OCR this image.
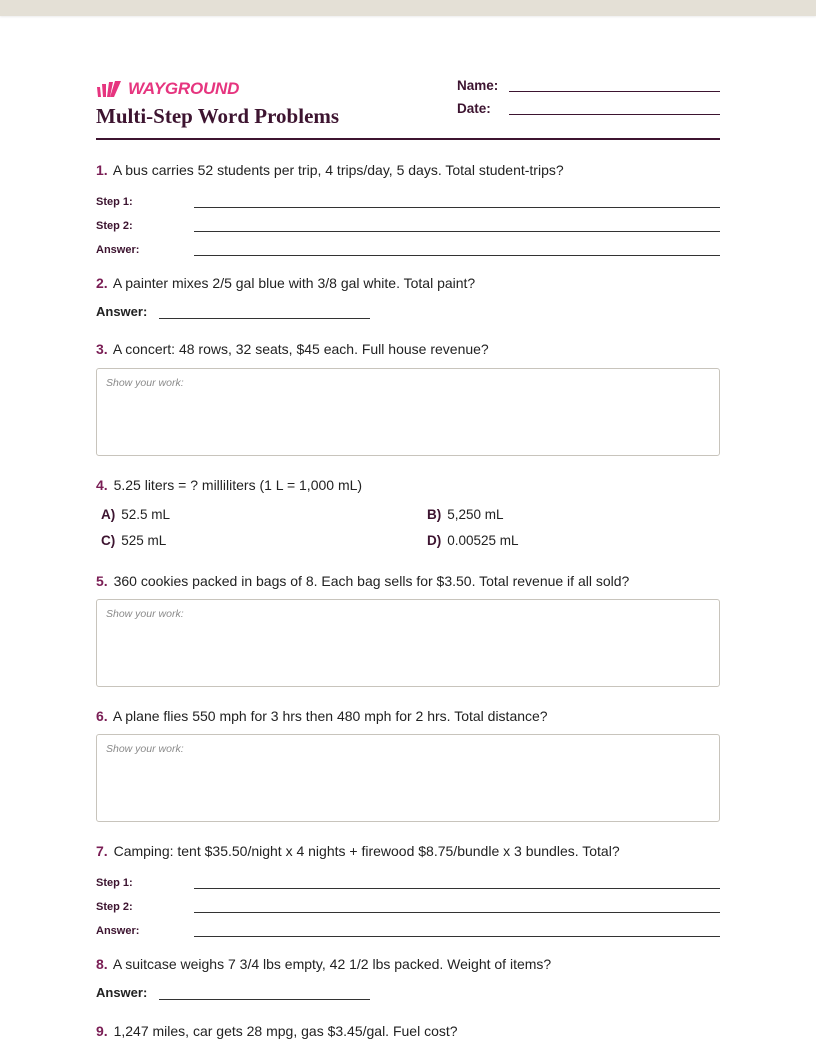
WAYGROUND
Multi-Step Word Problems
Name:
Date:
1. A bus carries 52 students per trip, 4 trips/day, 5 days. Total student-trips?
Step 1:
Step 2:
Answer:
2. A painter mixes 2/5 gal blue with 3/8 gal white. Total paint?
Answer:
3. A concert: 48 rows, 32 seats, $45 each. Full house revenue?
Show your work:
4. 5.25 liters = ? milliliters (1 L = 1,000 mL)
A) 52.5 mL	B) 5,250 mL
C) 525 mL	D) 0.00525 mL
5. 360 cookies packed in bags of 8. Each bag sells for $3.50. Total revenue if all sold?
Show your work:
6. A plane flies 550 mph for 3 hrs then 480 mph for 2 hrs. Total distance?
Show your work:
7. Camping: tent $35.50/night x 4 nights + firewood $8.75/bundle x 3 bundles. Total?
Step 1:
Step 2:
Answer:
8. A suitcase weighs 7 3/4 lbs empty, 42 1/2 lbs packed. Weight of items?
Answer:
9. 1,247 miles, car gets 28 mpg, gas $3.45/gal. Fuel cost?
